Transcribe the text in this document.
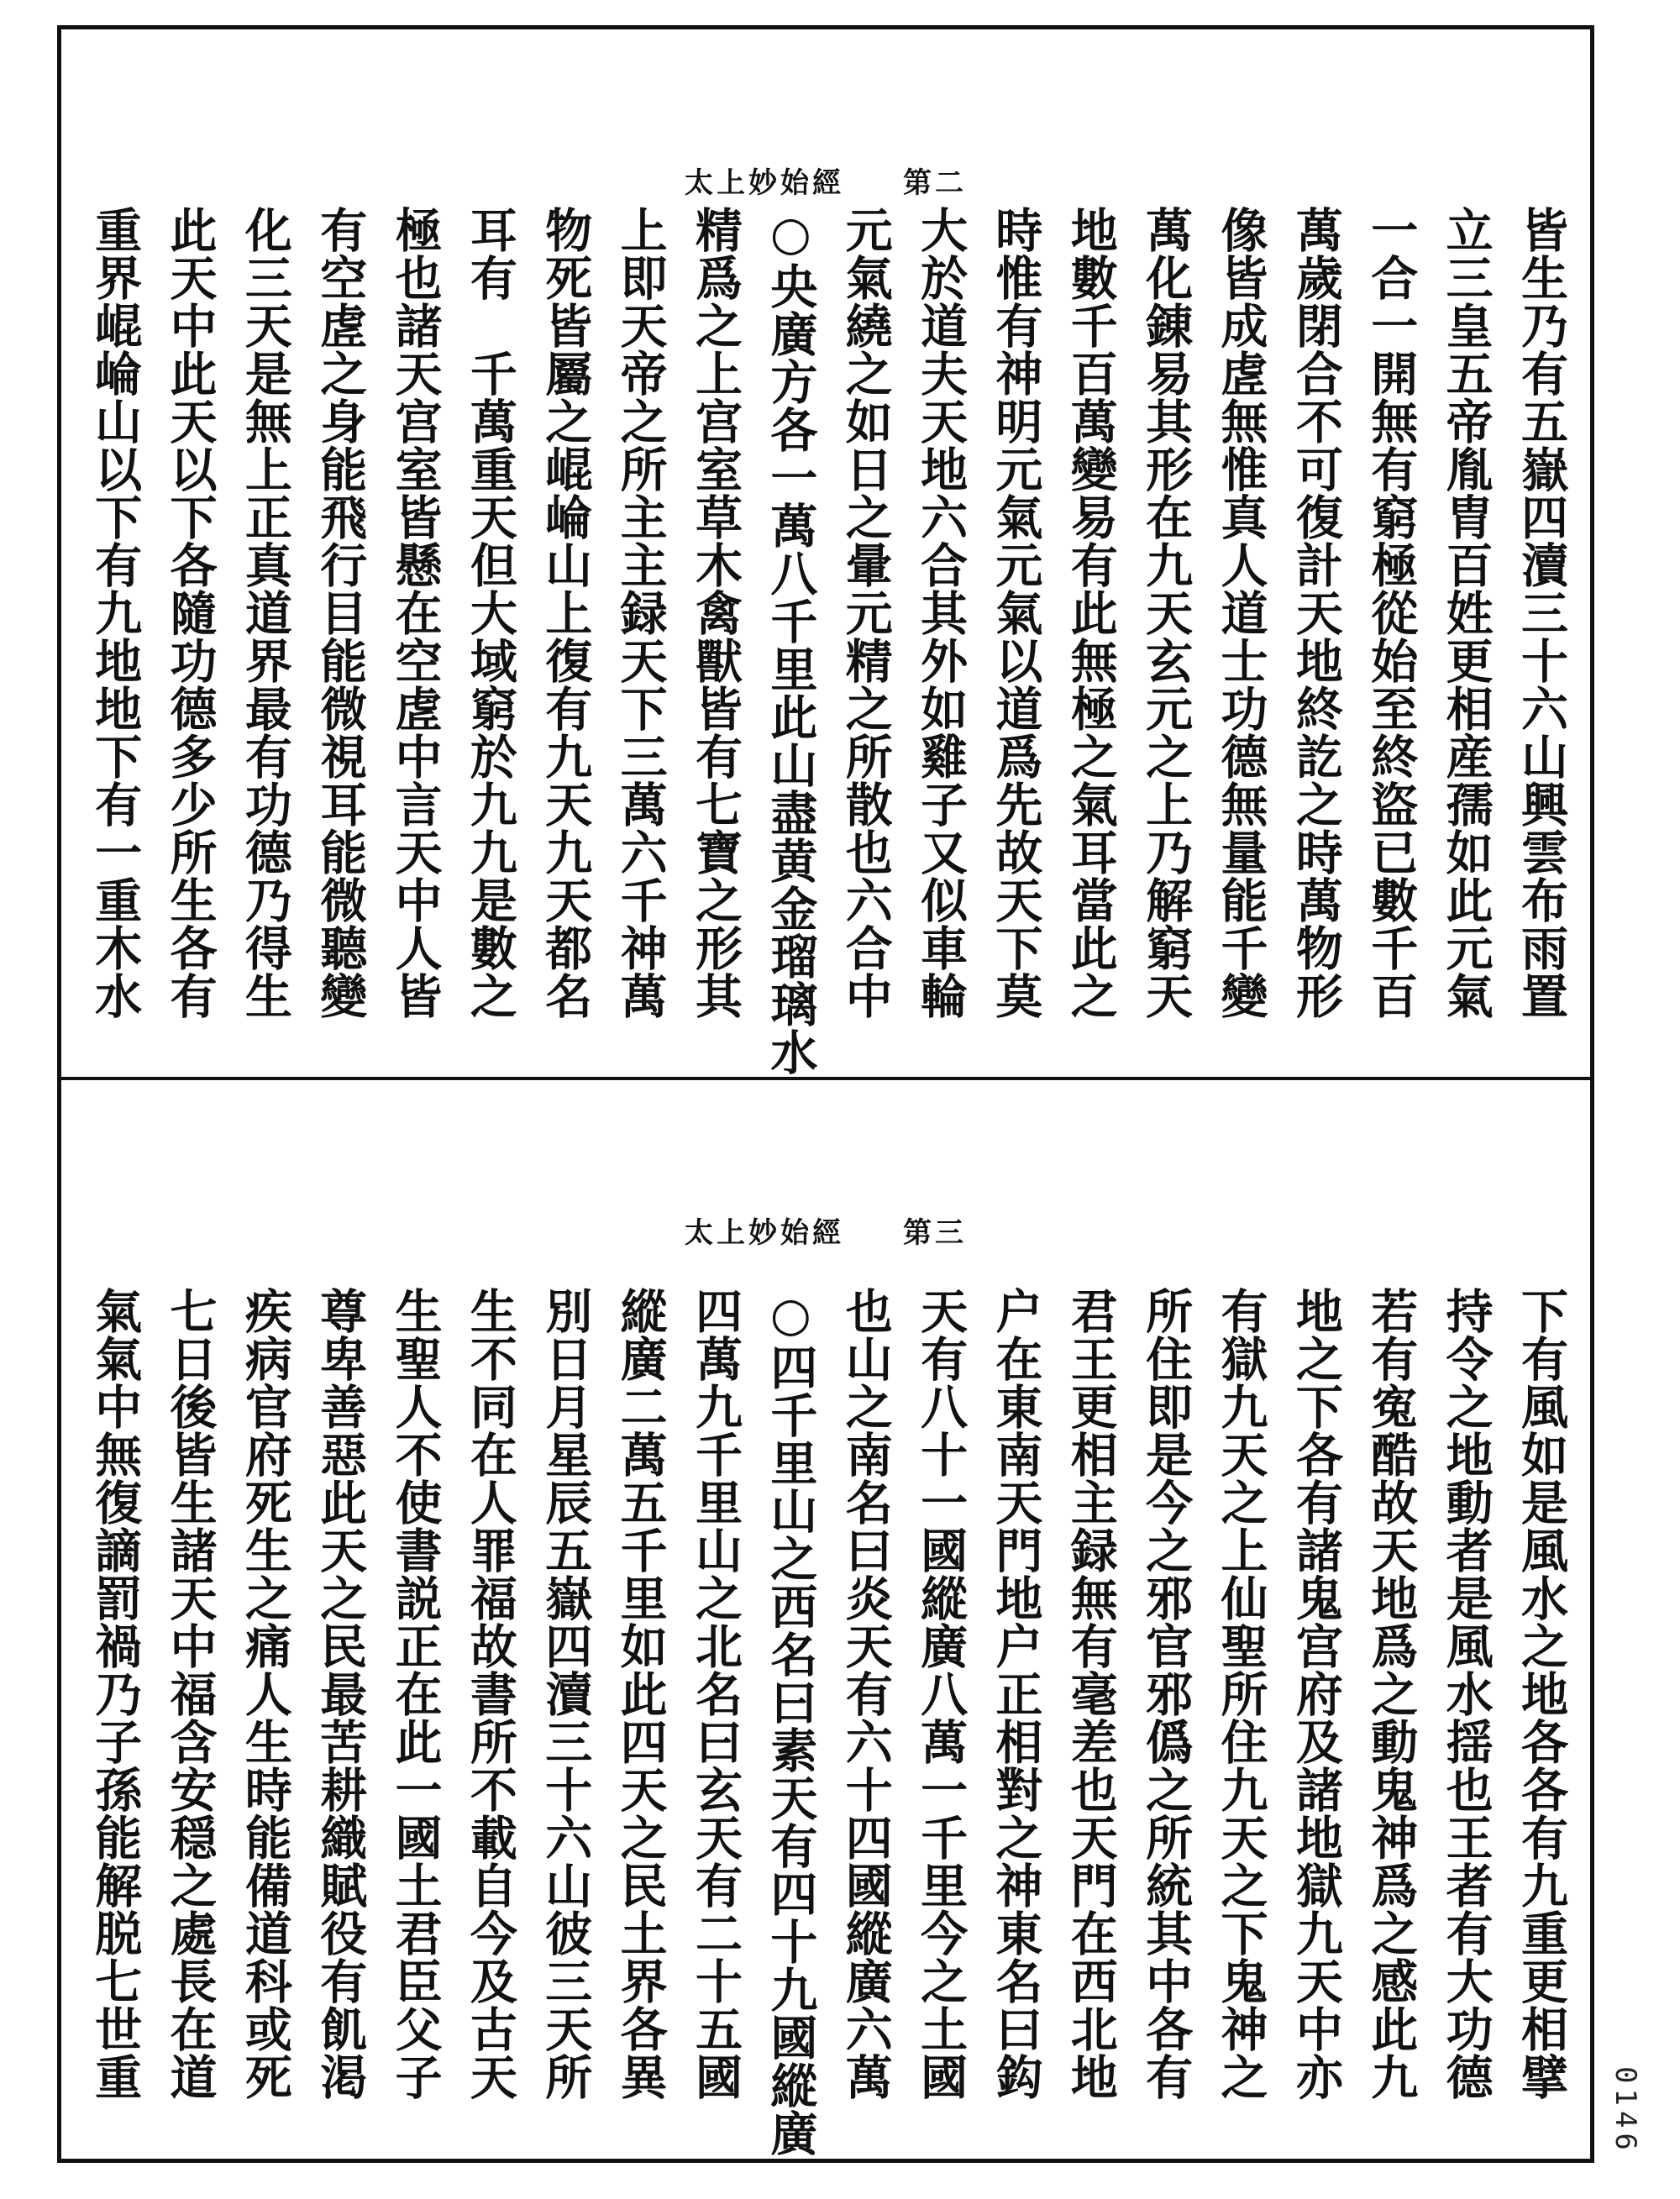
太上妙始經 第二
皆生乃有五嶽四瀆三十六山興雲布雨置
立三皇五帝胤胄百姓更相産孺如此元氣
一合一開無有窮極從始至終盜已數千百
萬歲閉合不可復計天地終訖之時萬物形
像皆成虗無惟真人道士功德無量能千變
萬化錬易其形在九天玄元之上乃解窮天
地數千百萬變易有此無極之氣耳當此之
時惟有神明元氣元氣以道爲先故天下莫
大於道夫天地六合其外如雞子又似車輪
元氣繞之如日之暈元精之所散也六合中
○央廣方各一萬八千里此山盡黄金瑠璃水
精爲之上宫室草木禽獸皆有七寶之形其
上即天帝之所主主録天下三萬六千神萬
物死皆屬之崐崘山上復有九天九天都名
耳有　千萬重天但大域窮於九九是數之
極也諸天宫室皆懸在空虗中言天中人皆
有空虗之身能飛行目能微視耳能微聽變
化三天是無上正真道界最有功德乃得生
此天中此天以下各隨功德多少所生各有
重界崐崘山以下有九地地下有一重木水
太上妙始經 第三
下有風如是風水之地各各有九重更相擘
持令之地動者是風水揺也王者有大功德
若有寃酷故天地爲之動鬼神爲之感此九
地之下各有諸鬼宫府及諸地獄九天中亦
有獄九天之上仙聖所住九天之下鬼神之
所住即是今之邪官邪僞之所統其中各有
君王更相主録無有毫差也天門在西北地
户在東南天門地户正相對之神東名曰鈎
天有八十一國縱廣八萬一千里今之土國
也山之南名曰炎天有六十四國縱廣六萬
○四千里山之西名曰素天有四十九國縱廣
四萬九千里山之北名曰玄天有二十五國
縱廣二萬五千里如此四天之民土界各異
別日月星辰五嶽四瀆三十六山彼三天所
生不同在人罪福故書所不載自今及古天
生聖人不使書説正在此一國土君臣父子
尊卑善惡此天之民最苦耕織賦役有飢渇
疾病官府死生之痛人生時能備道科或死
七日後皆生諸天中福含安穏之處長在道
氣氣中無復謫罰禍乃子孫能解脱七世重
0146
